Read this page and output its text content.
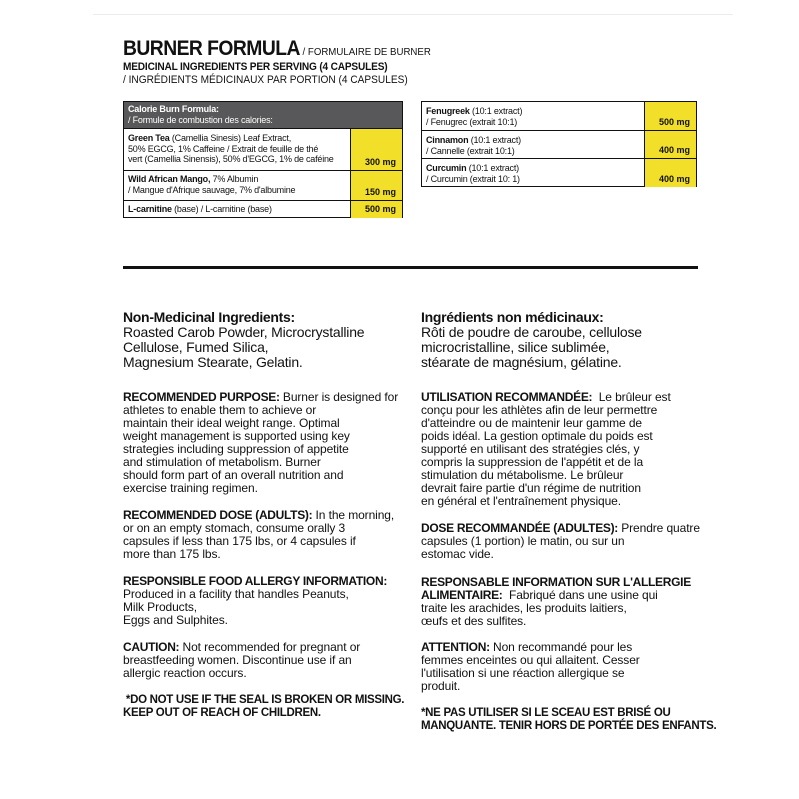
BURNER FORMULA / FORMULAIRE DE BURNER
MEDICINAL INGREDIENTS PER SERVING (4 CAPSULES)
/ INGRÉDIENTS MÉDICINAUX PAR PORTION (4 CAPSULES)
Calorie Burn Formula:
/ Formule de combustion des calories:
Green Tea (Camellia Sinesis) Leaf Extract,
50% EGCG, 1% Caffeine / Extrait de feuille de thé
vert (Camellia Sinensis), 50% d'EGCG, 1% de caféine	300 mg
Wild African Mango, 7% Albumin
/ Mangue d'Afrique sauvage, 7% d'albumine	150 mg
L-carnitine (base) / L-carnitine (base)	500 mg
Fenugreek (10:1 extract)
/ Fenugrec (extrait 10:1)	500 mg
Cinnamon (10:1 extract)
/ Cannelle (extrait 10:1)	400 mg
Curcumin (10:1 extract)
/ Curcumin (extrait 10: 1)	400 mg
Non-Medicinal Ingredients:
Roasted Carob Powder, Microcrystalline
Cellulose, Fumed Silica,
Magnesium Stearate, Gelatin.
RECOMMENDED PURPOSE: Burner is designed for
athletes to enable them to achieve or
maintain their ideal weight range. Optimal
weight management is supported using key
strategies including suppression of appetite
and stimulation of metabolism. Burner
should form part of an overall nutrition and
exercise training regimen.
RECOMMENDED DOSE (ADULTS): In the morning,
or on an empty stomach, consume orally 3
capsules if less than 175 lbs, or 4 capsules if
more than 175 lbs.
RESPONSIBLE FOOD ALLERGY INFORMATION:
Produced in a facility that handles Peanuts,
Milk Products,
Eggs and Sulphites.
CAUTION: Not recommended for pregnant or
breastfeeding women. Discontinue use if an
allergic reaction occurs.
*DO NOT USE IF THE SEAL IS BROKEN OR MISSING.
KEEP OUT OF REACH OF CHILDREN.
Ingrédients non médicinaux:
Rôti de poudre de caroube, cellulose
microcristalline, silice sublimée,
stéarate de magnésium, gélatine.
UTILISATION RECOMMANDÉE:  Le brûleur est
conçu pour les athlètes afin de leur permettre
d'atteindre ou de maintenir leur gamme de
poids idéal. La gestion optimale du poids est
supporté en utilisant des stratégies clés, y
compris la suppression de l'appétit et de la
stimulation du métabolisme. Le brûleur
devrait faire partie d'un régime de nutrition
en général et l'entraînement physique.
DOSE RECOMMANDÉE (ADULTES): Prendre quatre
capsules (1 portion) le matin, ou sur un
estomac vide.
RESPONSABLE INFORMATION SUR L'ALLERGIE
ALIMENTAIRE:  Fabriqué dans une usine qui
traite les arachides, les produits laitiers,
œufs et des sulfites.
ATTENTION: Non recommandé pour les
femmes enceintes ou qui allaitent. Cesser
l'utilisation si une réaction allergique se
produit.
*NE PAS UTILISER SI LE SCEAU EST BRISÉ OU
MANQUANTE. TENIR HORS DE PORTÉE DES ENFANTS.
